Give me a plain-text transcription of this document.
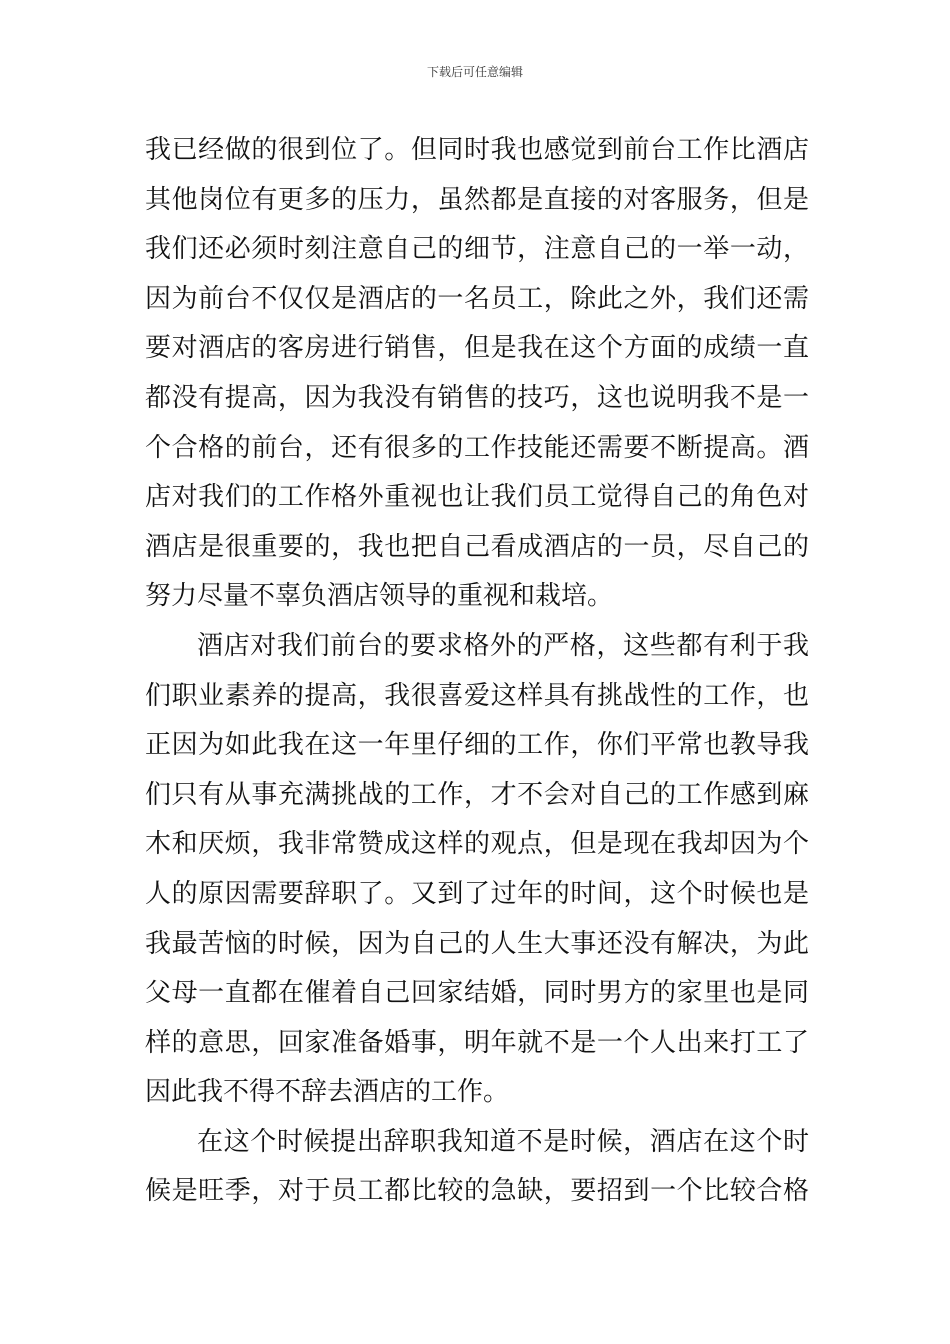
下载后可任意编辑
我已经做的很到位了。但同时我也感觉到前台工作比酒店
其他岗位有更多的压力，虽然都是直接的对客服务，但是
我们还必须时刻注意自己的细节，注意自己的一举一动，
因为前台不仅仅是酒店的一名员工，除此之外，我们还需
要对酒店的客房进行销售，但是我在这个方面的成绩一直
都没有提高，因为我没有销售的技巧，这也说明我不是一
个合格的前台，还有很多的工作技能还需要不断提高。酒
店对我们的工作格外重视也让我们员工觉得自己的角色对
酒店是很重要的，我也把自己看成酒店的一员，尽自己的
努力尽量不辜负酒店领导的重视和栽培。
酒店对我们前台的要求格外的严格，这些都有利于我
们职业素养的提高，我很喜爱这样具有挑战性的工作，也
正因为如此我在这一年里仔细的工作，你们平常也教导我
们只有从事充满挑战的工作，才不会对自己的工作感到麻
木和厌烦，我非常赞成这样的观点，但是现在我却因为个
人的原因需要辞职了。又到了过年的时间，这个时候也是
我最苦恼的时候，因为自己的人生大事还没有解决，为此
父母一直都在催着自己回家结婚，同时男方的家里也是同
样的意思，回家准备婚事，明年就不是一个人出来打工了
因此我不得不辞去酒店的工作。
在这个时候提出辞职我知道不是时候，酒店在这个时
候是旺季，对于员工都比较的急缺，要招到一个比较合格
